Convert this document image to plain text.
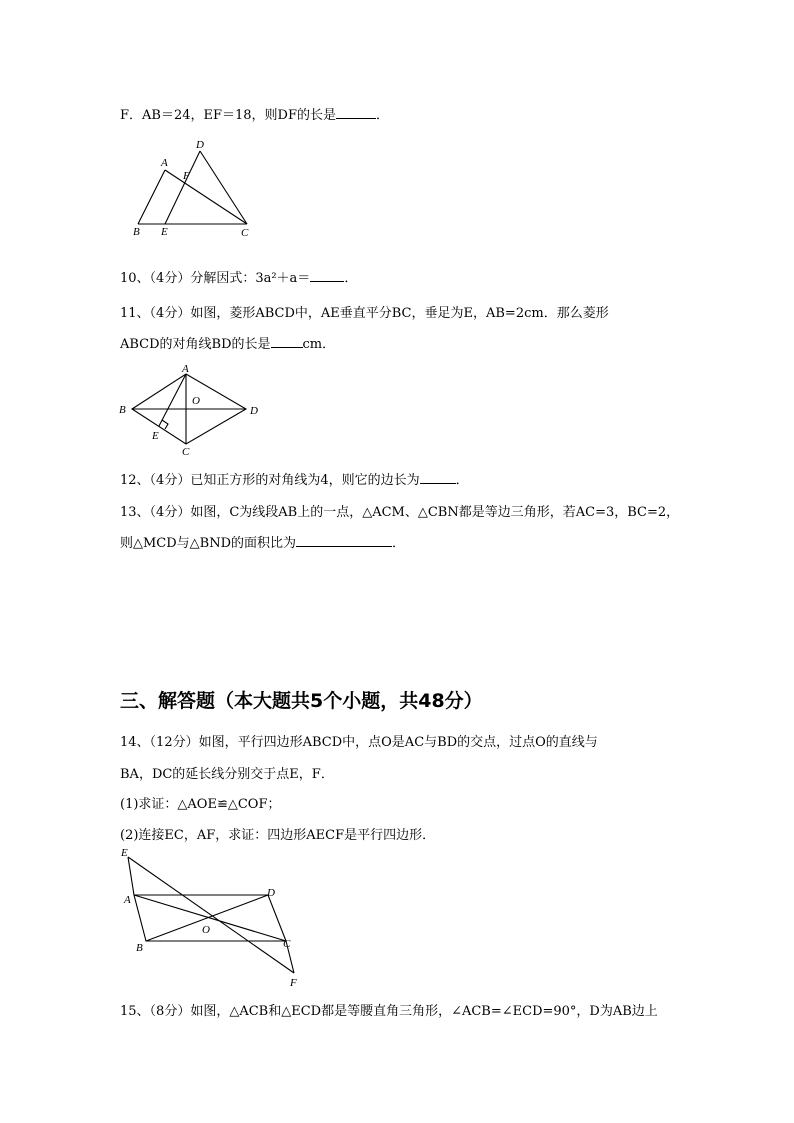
F．AB＝24，EF＝18，则DF的长是	．
A
B	C
D
E
F
10、（4分）分解因式：3a²＋a＝	．
11、（4分）如图，菱形ABCD中，AE垂直平分BC，垂足为E，AB=2cm．那么菱形
ABCD的对角线BD的长是 cm．
A
B
C
D
E
O
12、（4分）已知正方形的对角线为4，则它的边长为	．
13、（4分）如图，C为线段AB上的一点，△ACM、△CBN都是等边三角形，若AC=3，BC=2，
则△MCD与△BND的面积比为	．
三、解答题（本大题共5个小题，共48分）
14、（12分）如图，平行四边形ABCD中，点O是AC与BD的交点，过点O的直线与
BA，DC的延长线分别交于点E，F．
(1)求证：△AOE≌△COF；
(2)连接EC，AF，求证：四边形AECF是平行四边形．
E
A
B	C
D
O
F
15、（8分）如图，△ACB和△ECD都是等腰直角三角形，∠ACB=∠ECD=90°，D为AB边上
